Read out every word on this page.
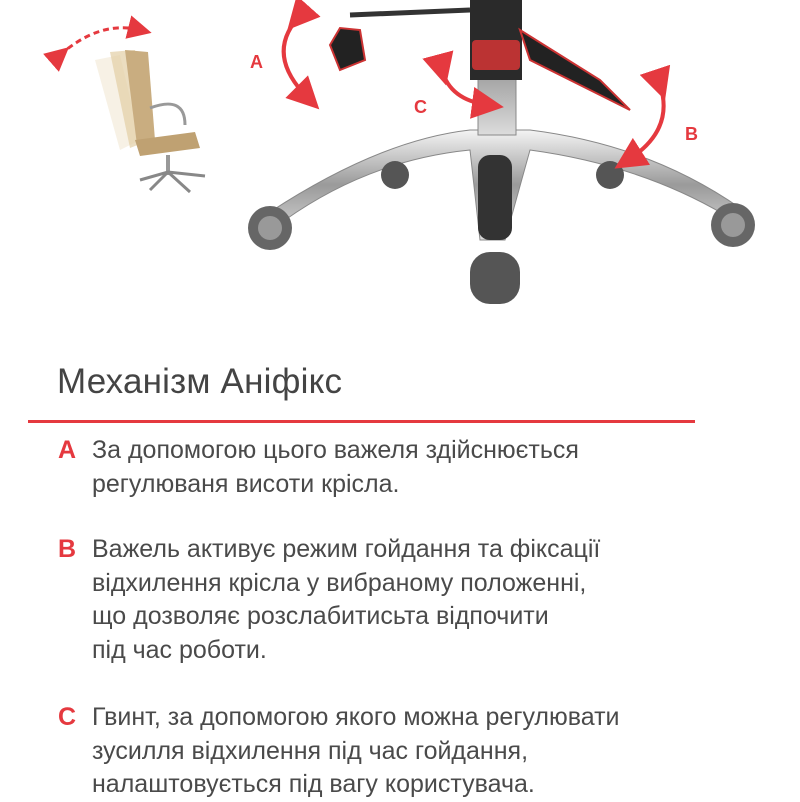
A
B
C
Механізм Аніфікс
A За допомогою цього важеля здійснюється
регулюваня висоти крісла.
B Важель активує режим гойдання та фіксації
відхилення крісла у вибраному положенні,
що дозволяє розслабитисьта відпочити
під час роботи.
C Гвинт, за допомогою якого можна регулювати
зусилля відхилення під час гойдання,
налаштовується під вагу користувача.
